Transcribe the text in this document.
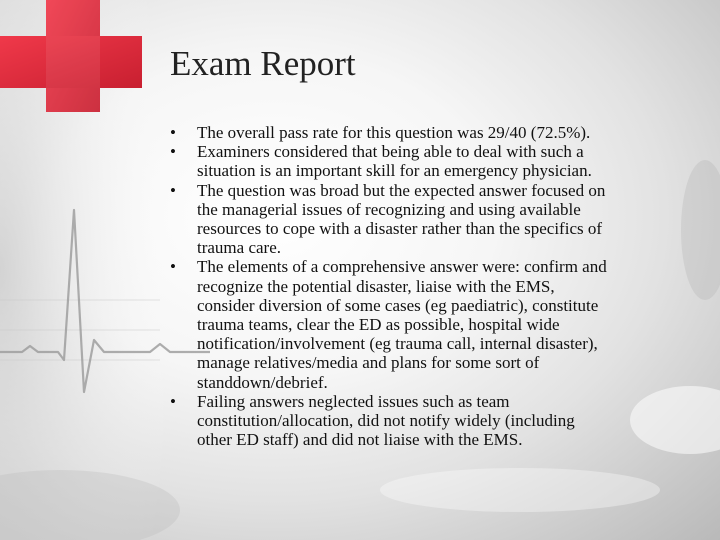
Exam Report
• The overall pass rate for this question was 29/40 (72.5%).
• Examiners considered that being able to deal with such a
situation is an important skill for an emergency physician.
• The question was broad but the expected answer focused on
the managerial issues of recognizing and using available
resources to cope with a disaster rather than the specifics of
trauma care.
• The elements of a comprehensive answer were: confirm and
recognize the potential disaster, liaise with the EMS,
consider diversion of some cases (eg paediatric), constitute
trauma teams, clear the ED as possible, hospital wide
notification/involvement (eg trauma call, internal disaster),
manage relatives/media and plans for some sort of
standdown/debrief.
• Failing answers neglected issues such as team
constitution/allocation, did not notify widely (including
other ED staff) and did not liaise with the EMS.
